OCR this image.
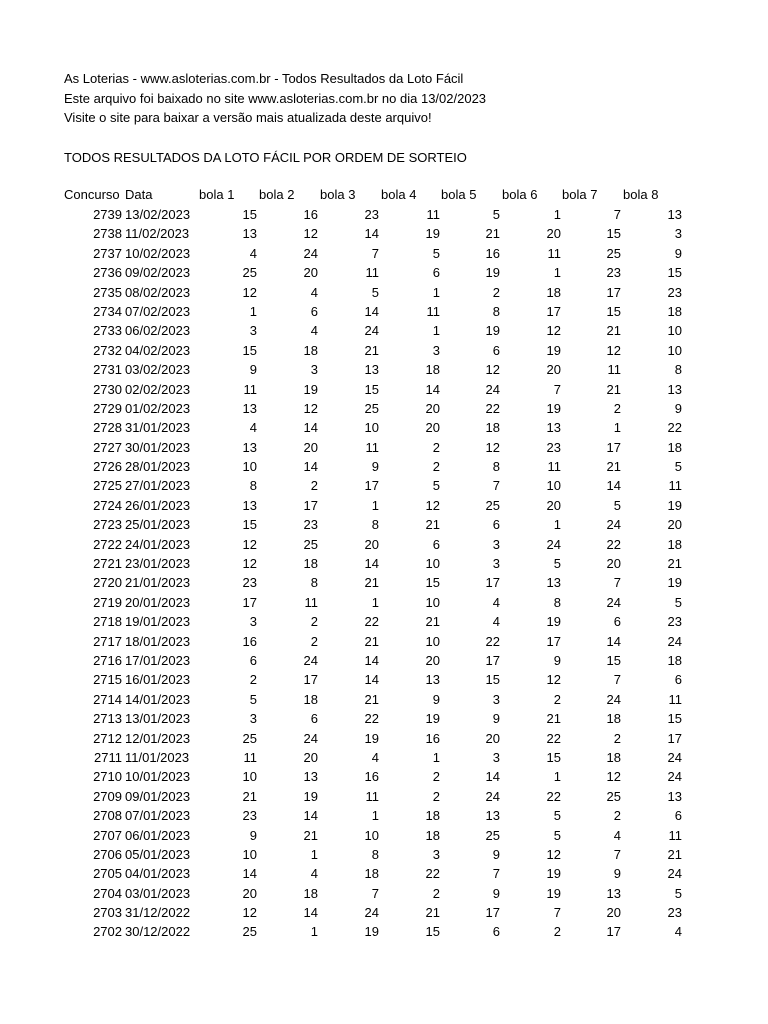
As Loterias - www.asloterias.com.br - Todos Resultados da Loto Fácil
Este arquivo foi baixado no site www.asloterias.com.br no dia 13/02/2023
Visite o site para baixar a versão mais atualizada deste arquivo!
TODOS RESULTADOS DA LOTO FÁCIL POR ORDEM DE SORTEIO
Concurso Data	bola 1 bola 2 bola 3 bola 4 bola 5 bola 6 bola 7 bola 8
2739 13/02/2023	15	16	23	11	5	1	7	13
2738 11/02/2023	13	12	14	19	21	20	15	3
2737 10/02/2023	4	24	7	5	16	11	25	9
2736 09/02/2023	25	20	11	6	19	1	23	15
2735 08/02/2023	12	4	5	1	2	18	17	23
2734 07/02/2023	1	6	14	11	8	17	15	18
2733 06/02/2023	3	4	24	1	19	12	21	10
2732 04/02/2023	15	18	21	3	6	19	12	10
2731 03/02/2023	9	3	13	18	12	20	11	8
2730 02/02/2023	11	19	15	14	24	7	21	13
2729 01/02/2023	13	12	25	20	22	19	2	9
2728 31/01/2023	4	14	10	20	18	13	1	22
2727 30/01/2023	13	20	11	2	12	23	17	18
2726 28/01/2023	10	14	9	2	8	11	21	5
2725 27/01/2023	8	2	17	5	7	10	14	11
2724 26/01/2023	13	17	1	12	25	20	5	19
2723 25/01/2023	15	23	8	21	6	1	24	20
2722 24/01/2023	12	25	20	6	3	24	22	18
2721 23/01/2023	12	18	14	10	3	5	20	21
2720 21/01/2023	23	8	21	15	17	13	7	19
2719 20/01/2023	17	11	1	10	4	8	24	5
2718 19/01/2023	3	2	22	21	4	19	6	23
2717 18/01/2023	16	2	21	10	22	17	14	24
2716 17/01/2023	6	24	14	20	17	9	15	18
2715 16/01/2023	2	17	14	13	15	12	7	6
2714 14/01/2023	5	18	21	9	3	2	24	11
2713 13/01/2023	3	6	22	19	9	21	18	15
2712 12/01/2023	25	24	19	16	20	22	2	17
2711 11/01/2023	11	20	4	1	3	15	18	24
2710 10/01/2023	10	13	16	2	14	1	12	24
2709 09/01/2023	21	19	11	2	24	22	25	13
2708 07/01/2023	23	14	1	18	13	5	2	6
2707 06/01/2023	9	21	10	18	25	5	4	11
2706 05/01/2023	10	1	8	3	9	12	7	21
2705 04/01/2023	14	4	18	22	7	19	9	24
2704 03/01/2023	20	18	7	2	9	19	13	5
2703 31/12/2022	12	14	24	21	17	7	20	23
2702 30/12/2022	25	1	19	15	6	2	17	4
